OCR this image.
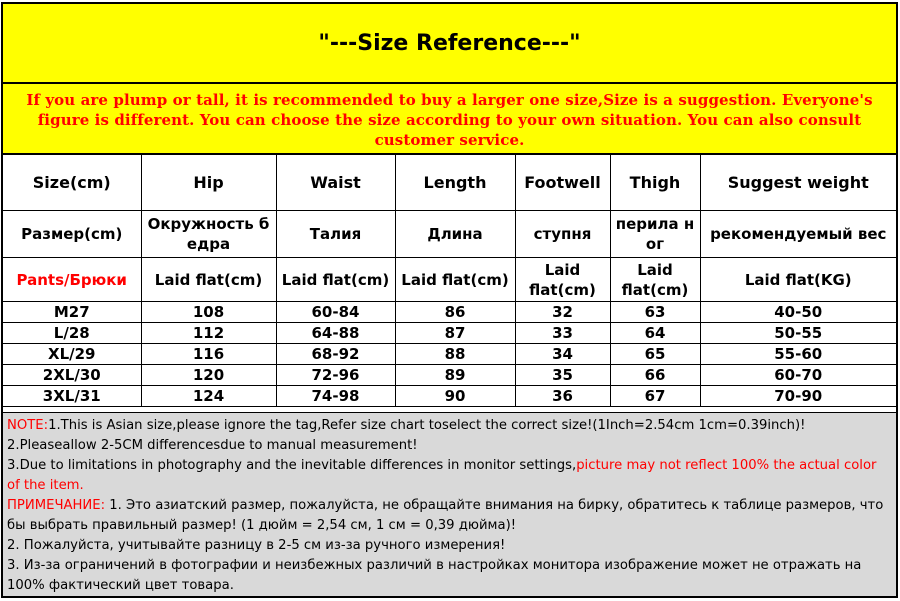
"---Size Reference---"
If you are plump or tall, it is recommended to buy a larger one size,Size is a suggestion. Everyone's figure is different. You can choose the size according to your own situation. You can also consult customer service.
Size(cm)	Hip	Waist	Length	Footwell	Thigh	Suggest weight
Размер(cm)	Окружность б едра	Талия	Длина	ступня	перила н ог	рекомендуемый вес
Pants/Брюки	Laid flat(cm)	Laid flat(cm)	Laid flat(cm)	Laid flat(cm)	Laid flat(cm)	Laid flat(KG)
M27	108	60-84	86	32	63	40-50
L/28	112	64-88	87	33	64	50-55
XL/29	116	68-92	88	34	65	55-60
2XL/30	120	72-96	89	35	66	60-70
3XL/31	124	74-98	90	36	67	70-90

NOTE:1.This is Asian size,please ignore the tag,Refer size chart toselect the correct size!(1Inch=2.54cm 1cm=0.39inch)!

2.Pleaseallow 2-5CM differencesdue to manual measurement!

3.Due to limitations in photography and the inevitable differences in monitor settings,picture may not reflect 100% the actual color of the item.

ПРИМЕЧАНИЕ: 1. Это азиатский размер, пожалуйста, не обращайте внимания на бирку, обратитесь к таблице размеров, что бы выбрать правильный размер! (1 дюйм = 2,54 см, 1 см = 0,39 дюйма)!

2. Пожалуйста, учитывайте разницу в 2-5 см из-за ручного измерения!

3. Из-за ограничений в фотографии и неизбежных различий в настройках монитора изображение может не отражать на 100% фактический цвет товара.
